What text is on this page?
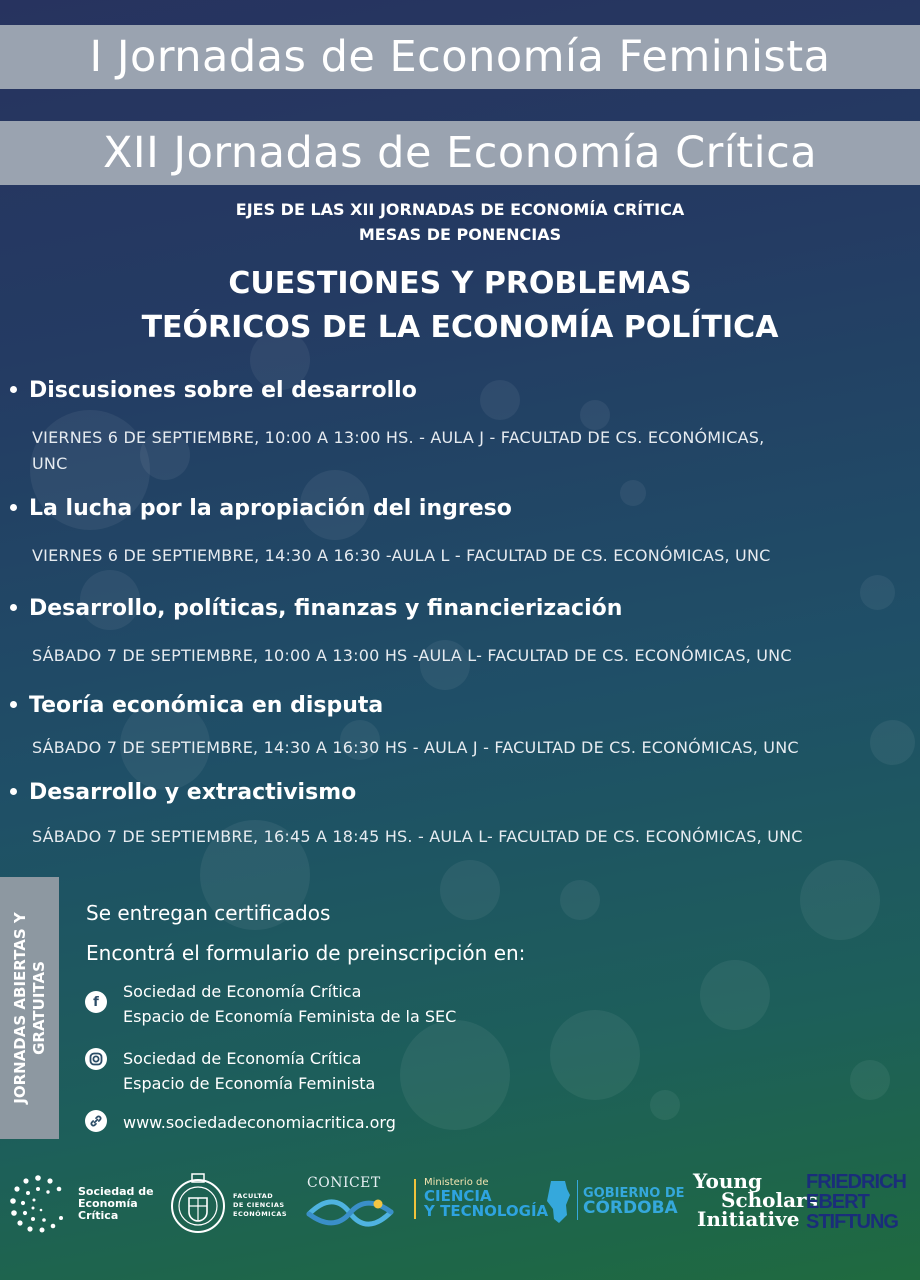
I Jornadas de Economía Feminista
XII Jornadas de Economía Crítica
EJES DE LAS XII JORNADAS DE ECONOMÍA CRÍTICA
MESAS DE PONENCIAS
CUESTIONES Y PROBLEMAS
TEÓRICOS DE LA ECONOMÍA POLÍTICA
Discusiones sobre el desarrollo
VIERNES 6 DE SEPTIEMBRE, 10:00 A 13:00 HS. - AULA J - FACULTAD DE CS. ECONÓMICAS,
UNC
La lucha por la apropiación del ingreso
VIERNES 6 DE SEPTIEMBRE, 14:30 A 16:30 -AULA L - FACULTAD DE CS. ECONÓMICAS, UNC
Desarrollo, políticas, finanzas y financierización
SÁBADO 7 DE SEPTIEMBRE, 10:00 A 13:00 HS -AULA L- FACULTAD DE CS. ECONÓMICAS, UNC
Teoría económica en disputa
SÁBADO 7 DE SEPTIEMBRE, 14:30 A 16:30 HS - AULA J - FACULTAD DE CS. ECONÓMICAS, UNC
Desarrollo y extractivismo
SÁBADO 7 DE SEPTIEMBRE, 16:45 A 18:45 HS. - AULA L- FACULTAD DE CS. ECONÓMICAS, UNC
JORNADAS ABIERTAS Y GRATUITAS
Se entregan certificados
Encontrá el formulario de preinscripción en:
f
Sociedad de Economía Crítica
Espacio de Economía Feminista de la SEC
Sociedad de Economía Crítica
Espacio de Economía Feminista
www.sociedadeconomiacritica.org
Sociedad de
Economía
Crítica
FACULTAD
DE CIENCIAS
ECONÓMICAS
CONICET	Ministerio de
CIENCIA
Y TECNOLOGÍA
GOBIERNO DE
CÓRDOBA
Young
Scholars
Initiative
FRIEDRICH
EBERT
STIFTUNG
